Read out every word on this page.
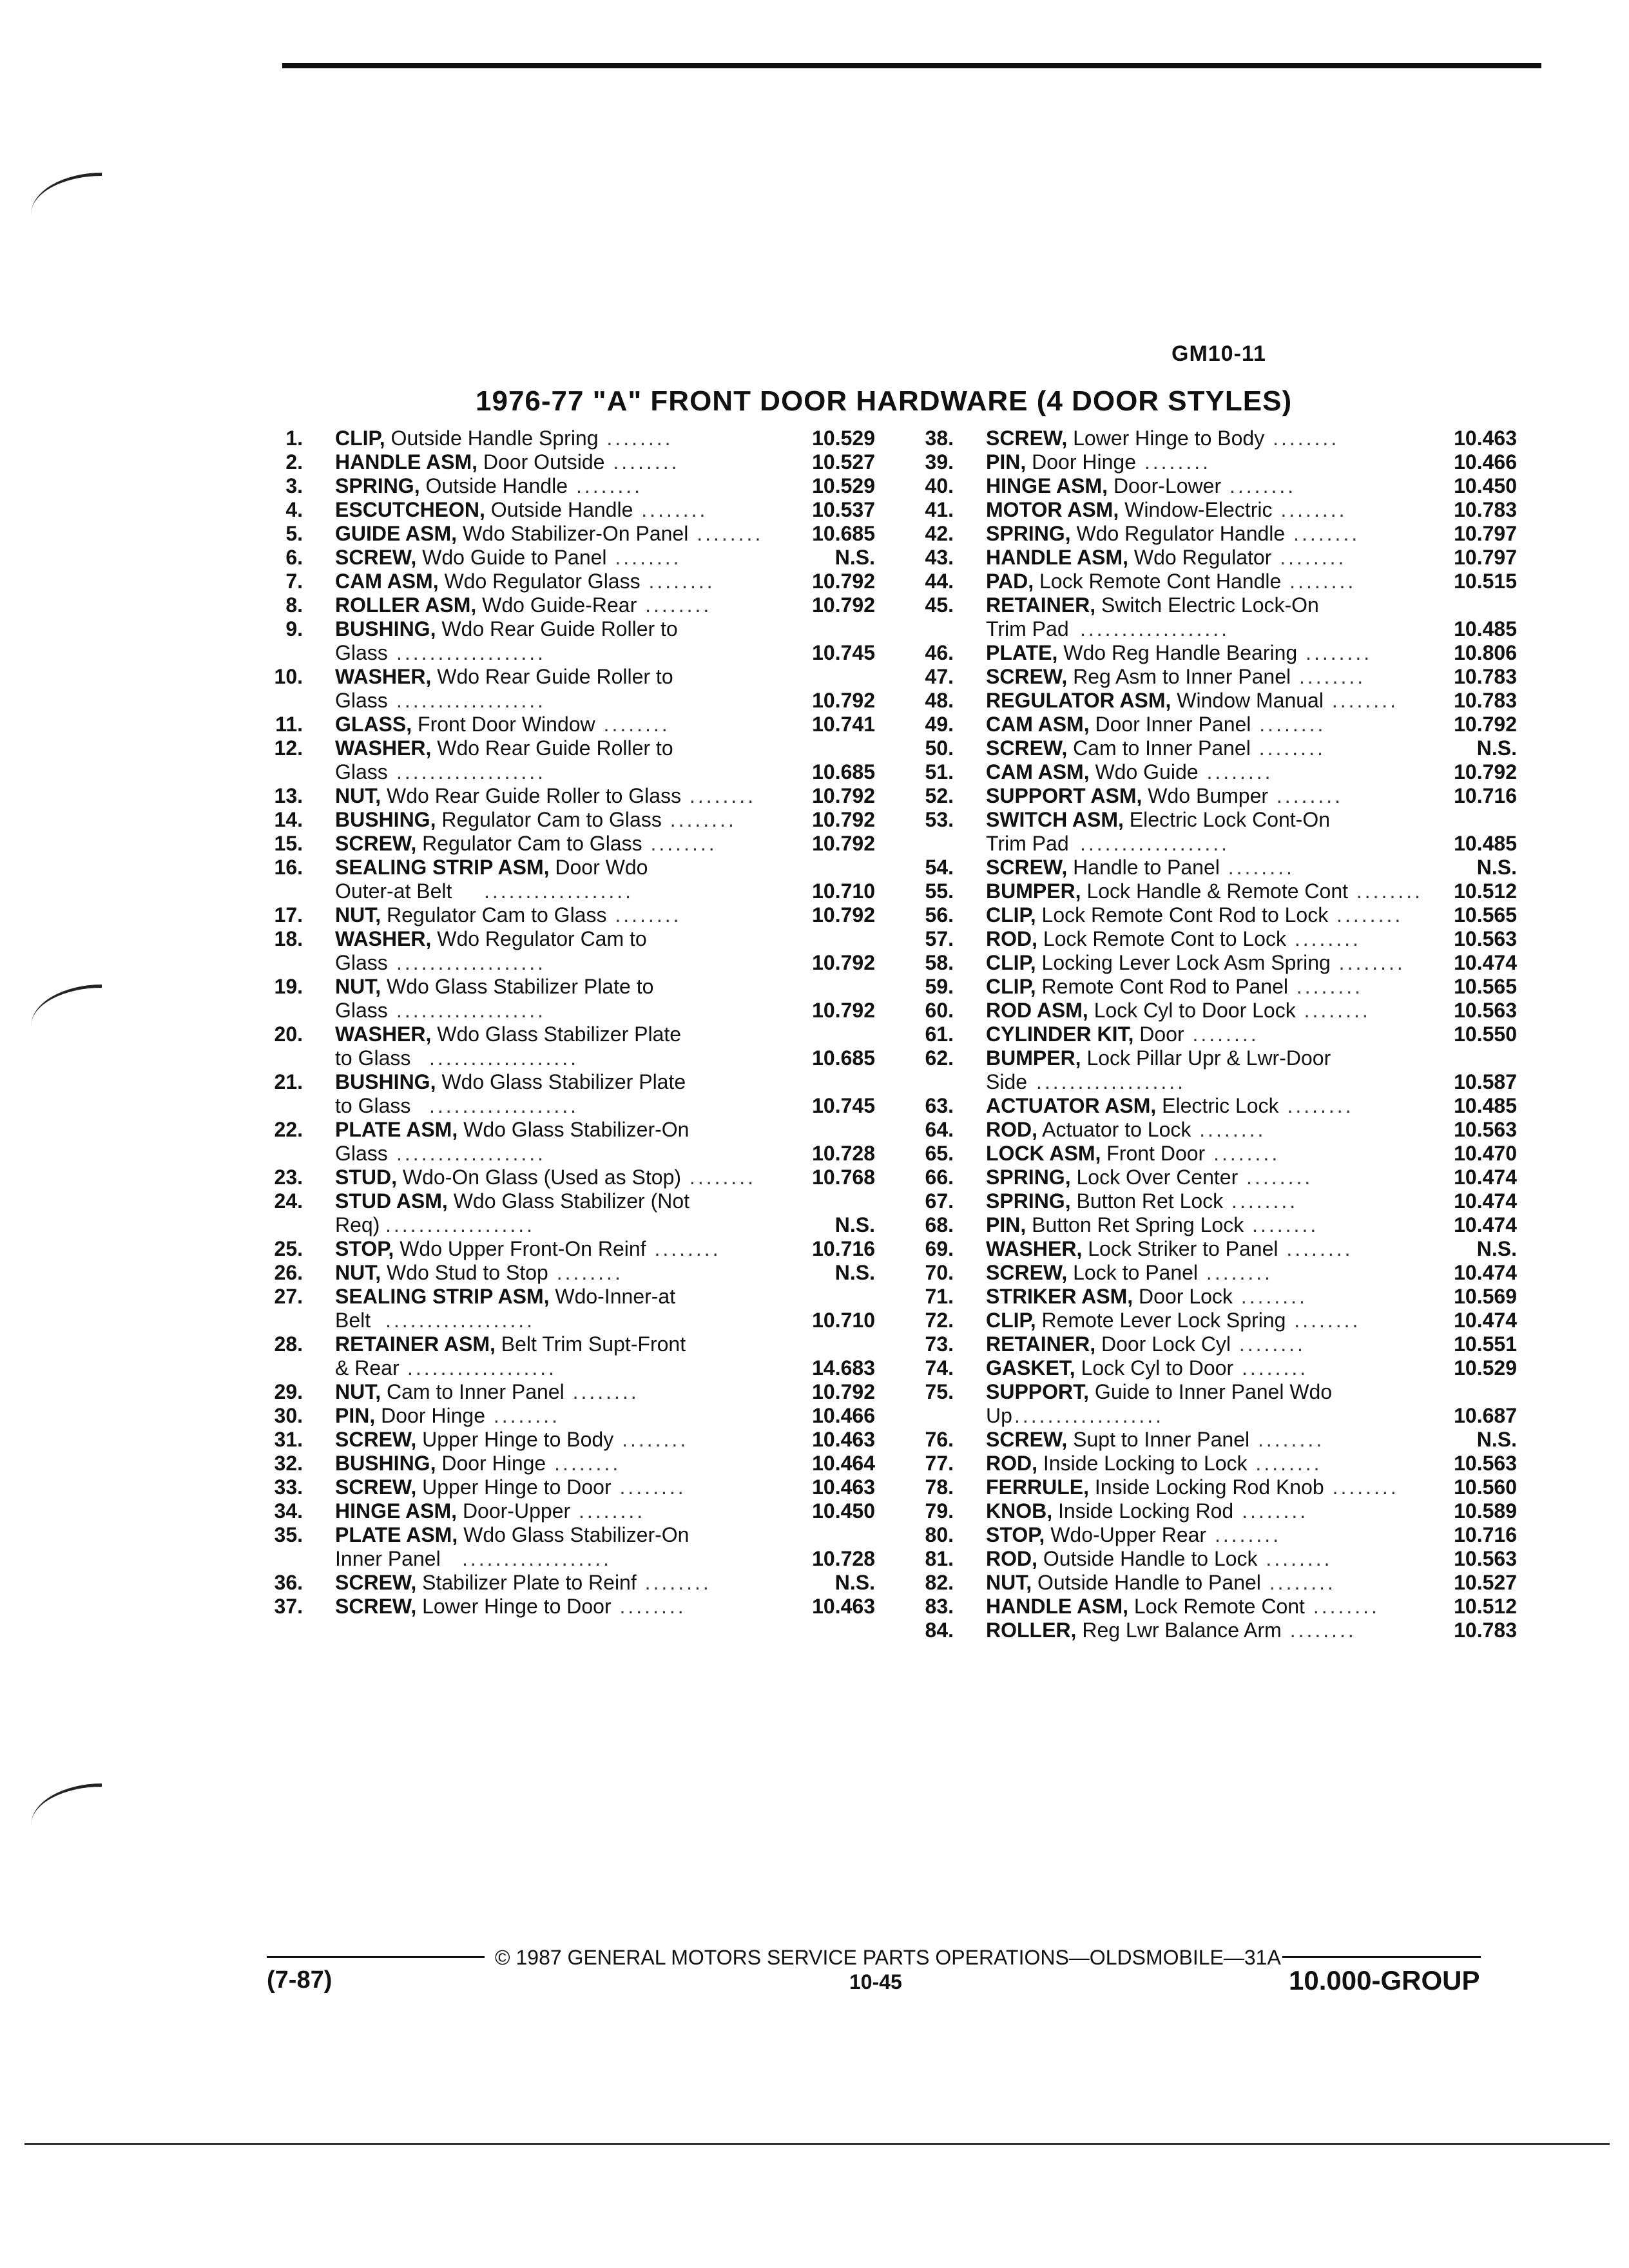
GM10-11
1976-77 "A" FRONT DOOR HARDWARE (4 DOOR STYLES)
1. CLIP, Outside Handle Spring ........	10.529
2. HANDLE ASM, Door Outside ........	10.527
3. SPRING, Outside Handle ........	10.529
4. ESCUTCHEON, Outside Handle ........	10.537
5. GUIDE ASM, Wdo Stabilizer-On Panel ........	10.685
6. SCREW, Wdo Guide to Panel ........	N.S.
7. CAM ASM, Wdo Regulator Glass ........	10.792
8. ROLLER ASM, Wdo Guide-Rear ........	10.792
9. BUSHING, Wdo Rear Guide Roller to
Glass ..................	10.745
10. WASHER, Wdo Rear Guide Roller to
Glass ..................	10.792
11. GLASS, Front Door Window ........	10.741
12. WASHER, Wdo Rear Guide Roller to
Glass ..................	10.685
13. NUT, Wdo Rear Guide Roller to Glass ........	10.792
14. BUSHING, Regulator Cam to Glass ........	10.792
15. SCREW, Regulator Cam to Glass ........	10.792
16. SEALING STRIP ASM, Door Wdo
Outer-at Belt	..................	10.710
17. NUT, Regulator Cam to Glass ........	10.792
18. WASHER, Wdo Regulator Cam to
Glass ..................	10.792
19. NUT, Wdo Glass Stabilizer Plate to
Glass ..................	10.792
20. WASHER, Wdo Glass Stabilizer Plate
to Glass ..................	10.685
21. BUSHING, Wdo Glass Stabilizer Plate
to Glass ..................	10.745
22. PLATE ASM, Wdo Glass Stabilizer-On
Glass ..................	10.728
23. STUD, Wdo-On Glass (Used as Stop) ........	10.768
24. STUD ASM, Wdo Glass Stabilizer (Not
Req) ..................	N.S.
25. STOP, Wdo Upper Front-On Reinf ........	10.716
26. NUT, Wdo Stud to Stop ........	N.S.
27. SEALING STRIP ASM, Wdo-Inner-at
Belt ..................	10.710
28. RETAINER ASM, Belt Trim Supt-Front
& Rear ..................	14.683
29. NUT, Cam to Inner Panel ........	10.792
30. PIN, Door Hinge ........	10.466
31. SCREW, Upper Hinge to Body ........	10.463
32. BUSHING, Door Hinge ........	10.464
33. SCREW, Upper Hinge to Door ........	10.463
34. HINGE ASM, Door-Upper ........	10.450
35. PLATE ASM, Wdo Glass Stabilizer-On
Inner Panel	..................	10.728
36. SCREW, Stabilizer Plate to Reinf ........	N.S.
37. SCREW, Lower Hinge to Door ........	10.463
38. SCREW, Lower Hinge to Body ........	10.463
39. PIN, Door Hinge ........	10.466
40. HINGE ASM, Door-Lower ........	10.450
41. MOTOR ASM, Window-Electric ........	10.783
42. SPRING, Wdo Regulator Handle ........	10.797
43. HANDLE ASM, Wdo Regulator ........	10.797
44. PAD, Lock Remote Cont Handle ........	10.515
45. RETAINER, Switch Electric Lock-On
Trim Pad ..................	10.485
46. PLATE, Wdo Reg Handle Bearing ........	10.806
47. SCREW, Reg Asm to Inner Panel ........	10.783
48. REGULATOR ASM, Window Manual ........	10.783
49. CAM ASM, Door Inner Panel ........	10.792
50. SCREW, Cam to Inner Panel ........	N.S.
51. CAM ASM, Wdo Guide ........	10.792
52. SUPPORT ASM, Wdo Bumper ........	10.716
53. SWITCH ASM, Electric Lock Cont-On
Trim Pad ..................	10.485
54. SCREW, Handle to Panel ........	N.S.
55. BUMPER, Lock Handle & Remote Cont ........	10.512
56. CLIP, Lock Remote Cont Rod to Lock ........	10.565
57. ROD, Lock Remote Cont to Lock ........	10.563
58. CLIP, Locking Lever Lock Asm Spring ........	10.474
59. CLIP, Remote Cont Rod to Panel ........	10.565
60. ROD ASM, Lock Cyl to Door Lock ........	10.563
61. CYLINDER KIT, Door ........	10.550
62. BUMPER, Lock Pillar Upr & Lwr-Door
Side ..................	10.587
63. ACTUATOR ASM, Electric Lock ........	10.485
64. ROD, Actuator to Lock ........	10.563
65. LOCK ASM, Front Door ........	10.470
66. SPRING, Lock Over Center ........	10.474
67. SPRING, Button Ret Lock ........	10.474
68. PIN, Button Ret Spring Lock ........	10.474
69. WASHER, Lock Striker to Panel ........	N.S.
70. SCREW, Lock to Panel ........	10.474
71. STRIKER ASM, Door Lock ........	10.569
72. CLIP, Remote Lever Lock Spring ........	10.474
73. RETAINER, Door Lock Cyl ........	10.551
74. GASKET, Lock Cyl to Door ........	10.529
75. SUPPORT, Guide to Inner Panel Wdo
Up ..................	10.687
76. SCREW, Supt to Inner Panel ........	N.S.
77. ROD, Inside Locking to Lock ........	10.563
78. FERRULE, Inside Locking Rod Knob ........	10.560
79. KNOB, Inside Locking Rod ........	10.589
80. STOP, Wdo-Upper Rear ........	10.716
81. ROD, Outside Handle to Lock ........	10.563
82. NUT, Outside Handle to Panel ........	10.527
83. HANDLE ASM, Lock Remote Cont ........	10.512
84. ROLLER, Reg Lwr Balance Arm ........	10.783
© 1987 GENERAL MOTORS SERVICE PARTS OPERATIONS—OLDSMOBILE—31A
(7-87)	10-45	10.000-GROUP
